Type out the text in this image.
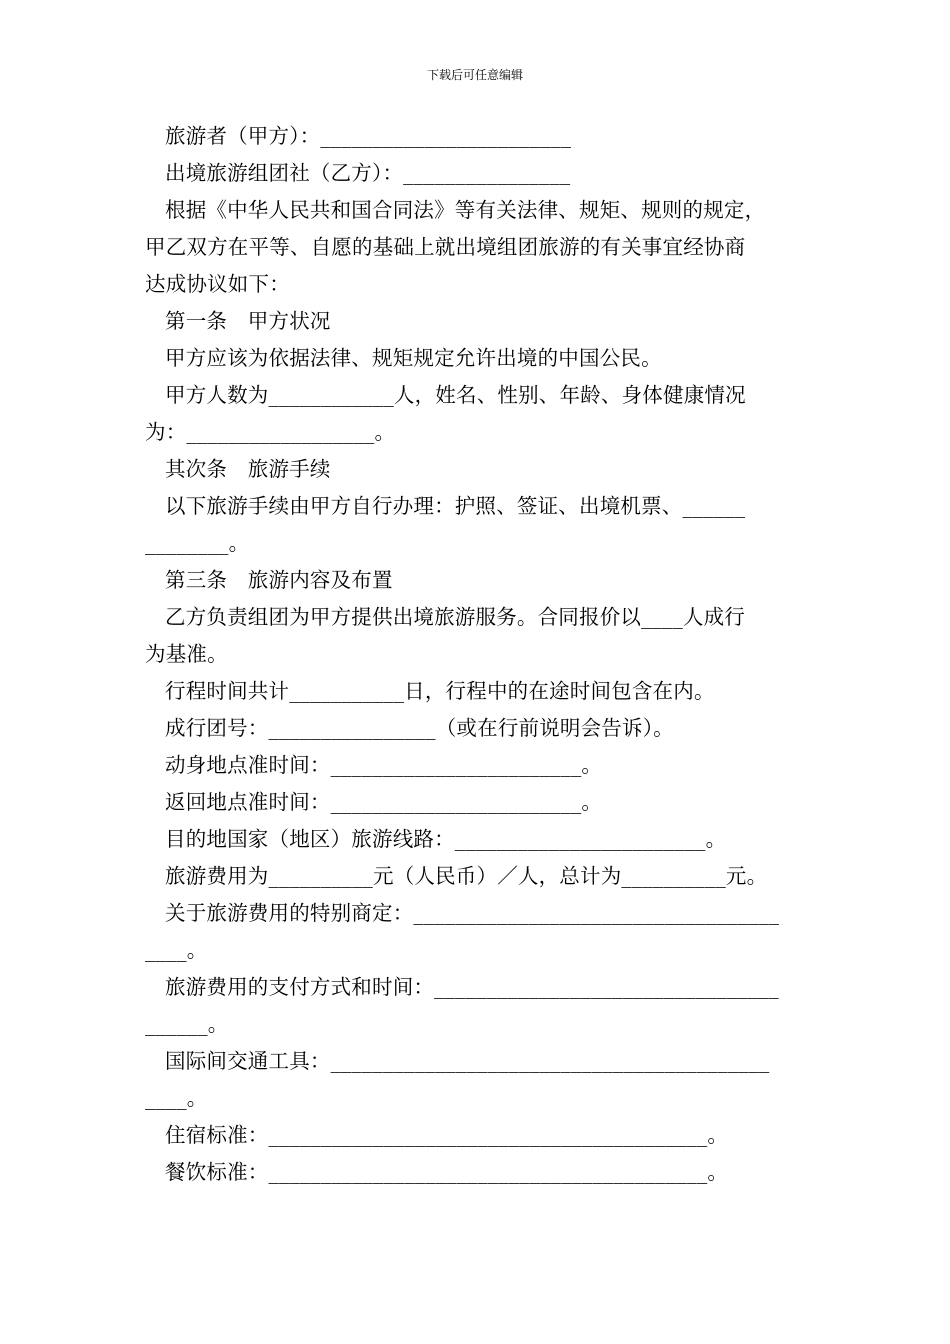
下载后可任意编辑
旅游者（甲方）：________________________
出境旅游组团社（乙方）：________________
根据《中华人民共和国合同法》等有关法律、规矩、规则的规定，
甲乙双方在平等、自愿的基础上就出境组团旅游的有关事宜经协商
达成协议如下：
第一条　甲方状况
甲方应该为依据法律、规矩规定允许出境的中国公民。
甲方人数为____________人，姓名、性别、年龄、身体健康情况
为：__________________。
其次条　旅游手续
以下旅游手续由甲方自行办理：护照、签证、出境机票、______
________。
第三条　旅游内容及布置
乙方负责组团为甲方提供出境旅游服务。合同报价以____人成行
为基准。
行程时间共计___________日，行程中的在途时间包含在内。
成行团号：________________（或在行前说明会告诉）。
动身地点准时间：________________________。
返回地点准时间：________________________。
目的地国家（地区）旅游线路：________________________。
旅游费用为__________元（人民币）／人，总计为__________元。
关于旅游费用的特别商定：___________________________________
____。
旅游费用的支付方式和时间：_________________________________
______。
国际间交通工具：__________________________________________
____。
住宿标准：__________________________________________。
餐饮标准：__________________________________________。
